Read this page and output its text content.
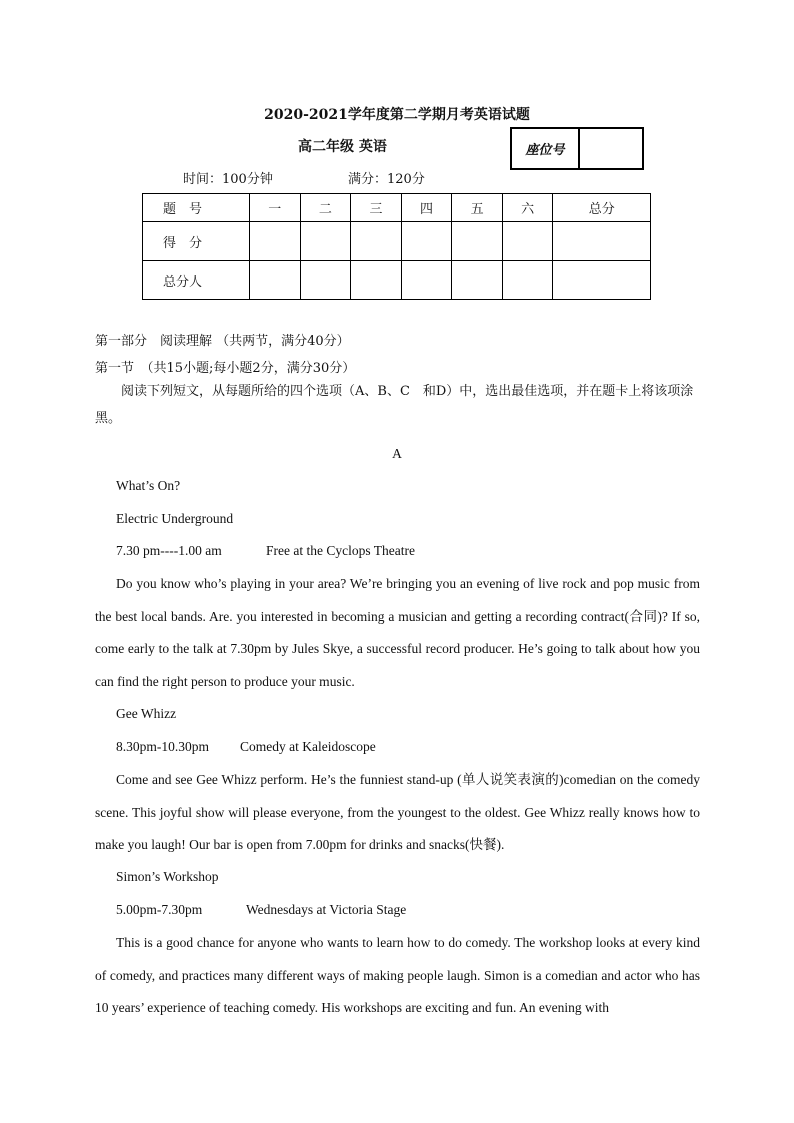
2020-2021学年度第二学期月考英语试题
高二年级 英语	座位号
时间：100分钟	满分：120分
题　号	一	二	三	四	五	六	总分
得　分							
总分人							
第一部分　阅读理解 （共两节，满分40分）
第一节　（共15小题;每小题2分，满分30分）
阅读下列短文，从每题所给的四个选项（A、B、C　和D）中，选出最佳选项，并在题卡上将该项涂黑。
A
What’s On?
Electric Underground
7.30 pm----1.00 am	Free at the Cyclops Theatre
Do you know who’s playing in your area? We’re bringing you an evening of live rock and pop music from the best local bands. Are. you interested in becoming a musician and getting a recording contract(合同)? If so, come early to the talk at 7.30pm by Jules Skye, a successful record producer. He’s going to talk about how you can find the right person to produce your music.
Gee Whizz
8.30pm-10.30pm Comedy at Kaleidoscope
Come and see Gee Whizz perform. He’s the funniest stand-up (单人说笑表演的)comedian on the comedy scene. This joyful show will please everyone, from the youngest to the oldest. Gee Whizz really knows how to make you laugh! Our bar is open from 7.00pm for drinks and snacks(快餐).
Simon’s Workshop
5.00pm-7.30pm	Wednesdays at Victoria Stage
This is a good chance for anyone who wants to learn how to do comedy. The workshop looks at every kind of comedy, and practices many different ways of making people laugh. Simon is a comedian and actor who has 10 years’ experience of teaching comedy. His workshops are exciting and fun. An evening with
